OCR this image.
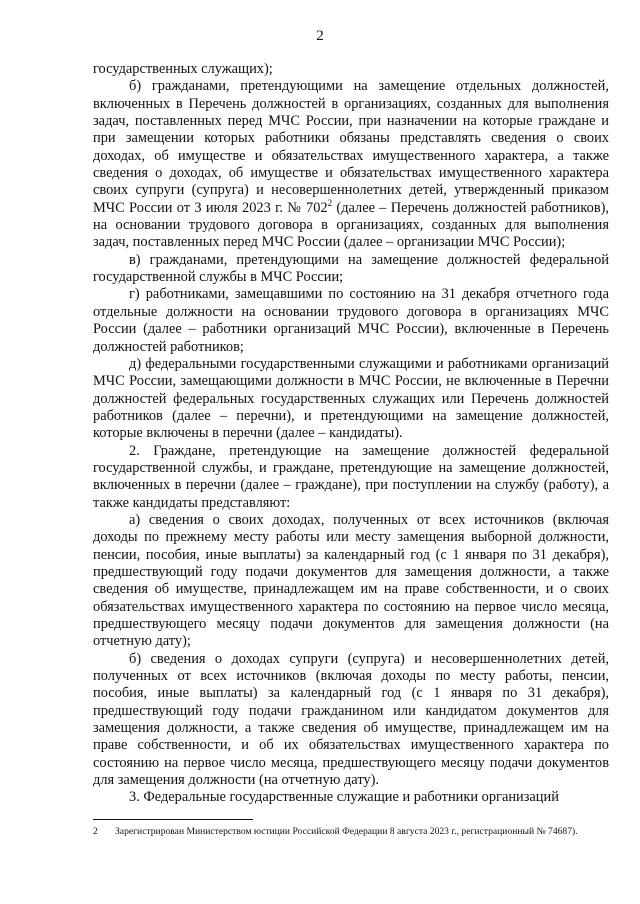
2

государственных служащих);

б) гражданами, претендующими на замещение отдельных должностей, включенных в Перечень должностей в организациях, созданных для выполнения задач, поставленных перед МЧС России, при назначении на которые граждане и при замещении которых работники обязаны представлять сведения о своих доходах, об имуществе и обязательствах имущественного характера, а также сведения о доходах, об имуществе и обязательствах имущественного характера своих супруги (супруга) и несовершеннолетних детей, утвержденный приказом МЧС России от 3 июля 2023 г. № $702^2$ (далее – Перечень должностей работников), на основании трудового договора в организациях, созданных для выполнения задач, поставленных перед МЧС России (далее – организации МЧС России);

в) гражданами, претендующими на замещение должностей федеральной государственной службы в МЧС России;

г) работниками, замещавшими по состоянию на 31 декабря отчетного года отдельные должности на основании трудового договора в организациях МЧС России (далее – работники организаций МЧС России), включенные в Перечень должностей работников;

д) федеральными государственными служащими и работниками организаций МЧС России, замещающими должности в МЧС России, не включенные в Перечни должностей федеральных государственных служащих или Перечень должностей работников (далее – перечни), и претендующими на замещение должностей, которые включены в перечни (далее – кандидаты).

2. Граждане, претендующие на замещение должностей федеральной государственной службы, и граждане, претендующие на замещение должностей, включенных в перечни (далее – граждане), при поступлении на службу (работу), а также кандидаты представляют:

а) сведения о своих доходах, полученных от всех источников (включая доходы по прежнему месту работы или месту замещения выборной должности, пенсии, пособия, иные выплаты) за календарный год (с 1 января по 31 декабря), предшествующий году подачи документов для замещения должности, а также сведения об имуществе, принадлежащем им на праве собственности, и о своих обязательствах имущественного характера по состоянию на первое число месяца, предшествующего месяцу подачи документов для замещения должности (на отчетную дату);

б) сведения о доходах супруги (супруга) и несовершеннолетних детей, полученных от всех источников (включая доходы по месту работы, пенсии, пособия, иные выплаты) за календарный год (с 1 января по 31 декабря), предшествующий году подачи гражданином или кандидатом документов для замещения должности, а также сведения об имуществе, принадлежащем им на праве собственности, и об их обязательствах имущественного характера по состоянию на первое число месяца, предшествующего месяцу подачи документов для замещения должности (на отчетную дату).

3. Федеральные государственные служащие и работники организаций

2 Зарегистрирован Министерством юстиции Российской Федерации 8 августа 2023 г., регистрационный № 74687).
